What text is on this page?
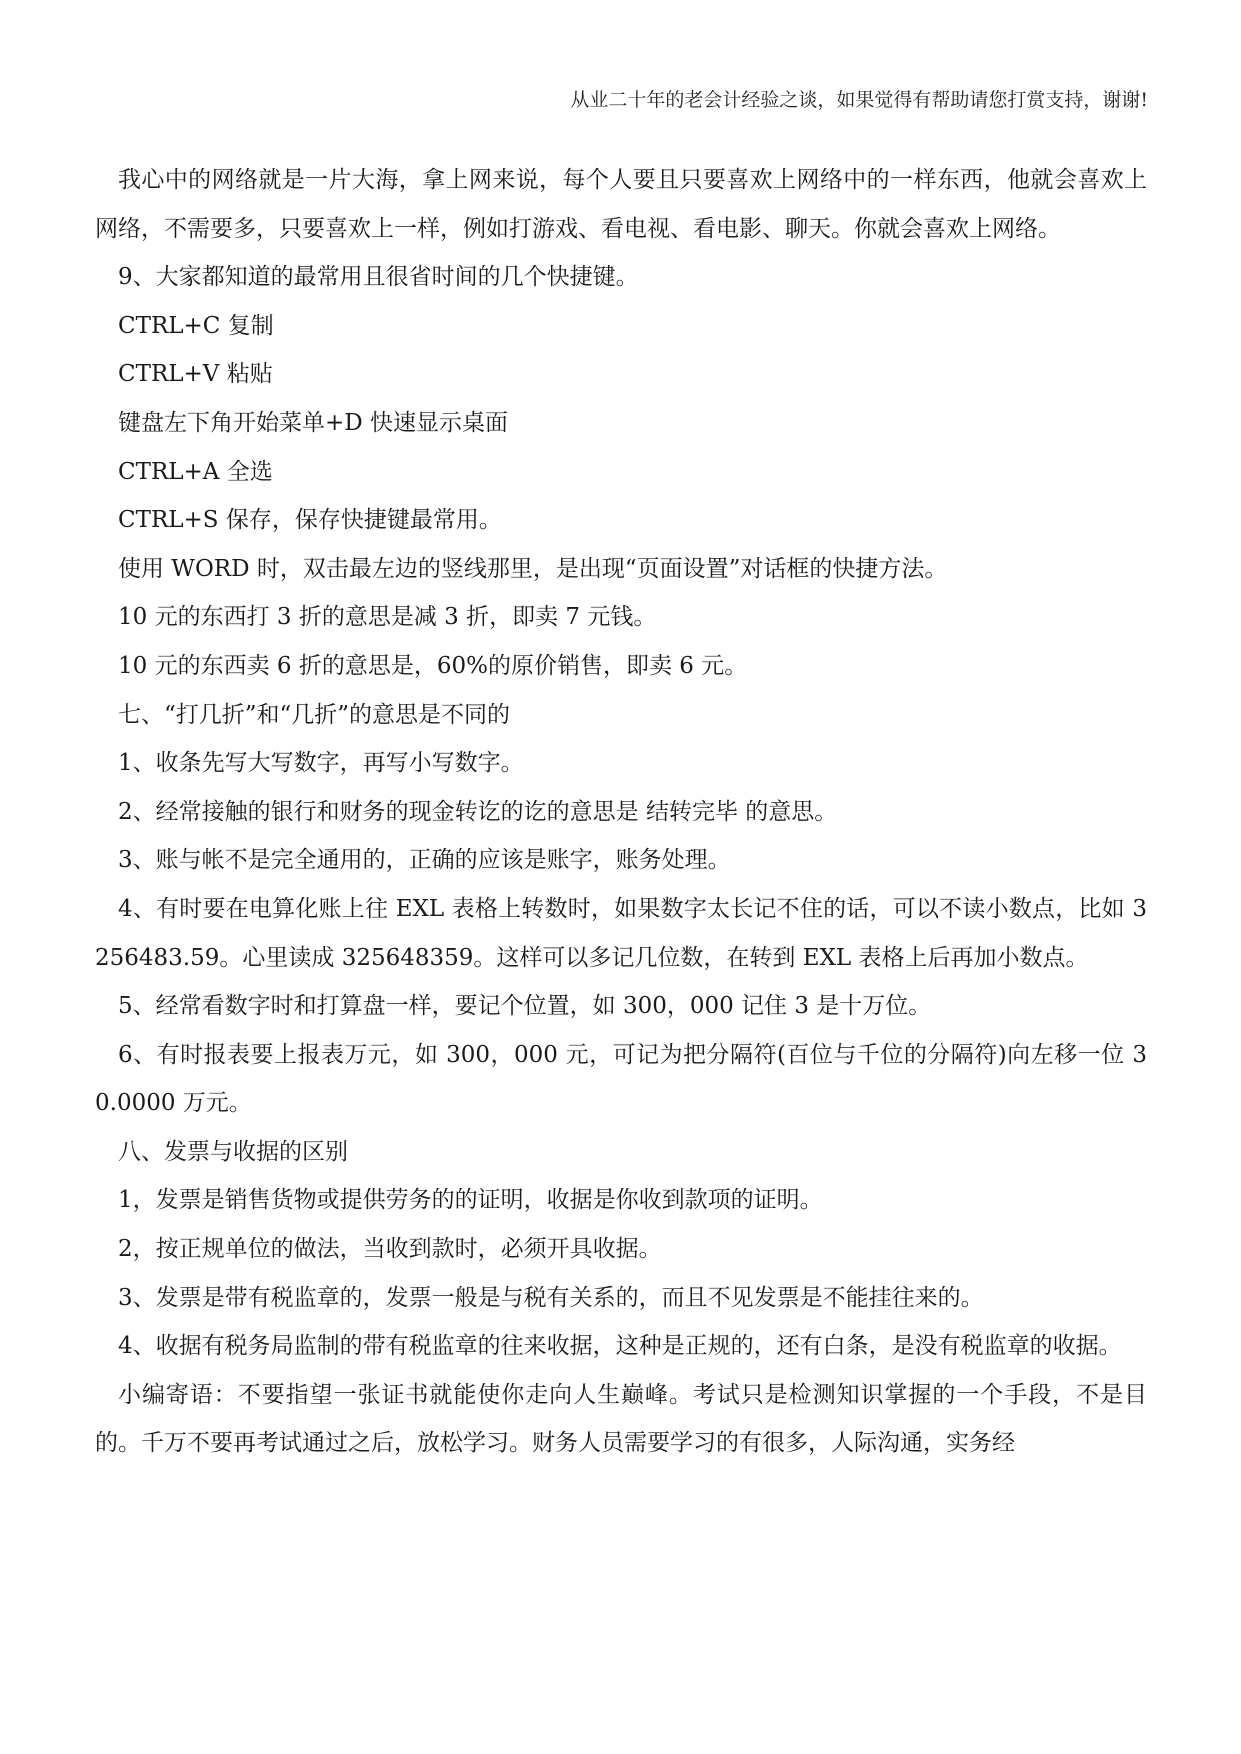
从业二十年的老会计经验之谈，如果觉得有帮助请您打赏支持，谢谢!

我心中的网络就是一片大海，拿上网来说，每个人要且只要喜欢上网络中的一样东西，他就会喜欢上网络，不需要多，只要喜欢上一样，例如打游戏、看电视、看电影、聊天。你就会喜欢上网络。

9、大家都知道的最常用且很省时间的几个快捷键。

CTRL+C 复制

CTRL+V 粘贴

键盘左下角开始菜单+D 快速显示桌面

CTRL+A 全选

CTRL+S 保存，保存快捷键最常用。

使用 WORD 时，双击最左边的竖线那里，是出现“页面设置”对话框的快捷方法。

10 元的东西打 3 折的意思是减 3 折，即卖 7 元钱。

10 元的东西卖 6 折的意思是，60%的原价销售，即卖 6 元。

七、“打几折”和“几折”的意思是不同的

1、收条先写大写数字，再写小写数字。

2、经常接触的银行和财务的现金转讫的讫的意思是 结转完毕 的意思。

3、账与帐不是完全通用的，正确的应该是账字，账务处理。

4、有时要在电算化账上往 EXL 表格上转数时，如果数字太长记不住的话，可以不读小数点，比如 3256483.59。心里读成 325648359。这样可以多记几位数，在转到 EXL 表格上后再加小数点。

5、经常看数字时和打算盘一样，要记个位置，如 300，000 记住 3 是十万位。

6、有时报表要上报表万元，如 300，000 元，可记为把分隔符(百位与千位的分隔符)向左移一位 30.0000 万元。

八、发票与收据的区别

1，发票是销售货物或提供劳务的的证明，收据是你收到款项的证明。

2，按正规单位的做法，当收到款时，必须开具收据。

3、发票是带有税监章的，发票一般是与税有关系的，而且不见发票是不能挂往来的。

4、收据有税务局监制的带有税监章的往来收据，这种是正规的，还有白条，是没有税监章的收据。

小编寄语：不要指望一张证书就能使你走向人生巅峰。考试只是检测知识掌握的一个手段，不是目的。千万不要再考试通过之后，放松学习。财务人员需要学习的有很多，人际沟通，实务经
